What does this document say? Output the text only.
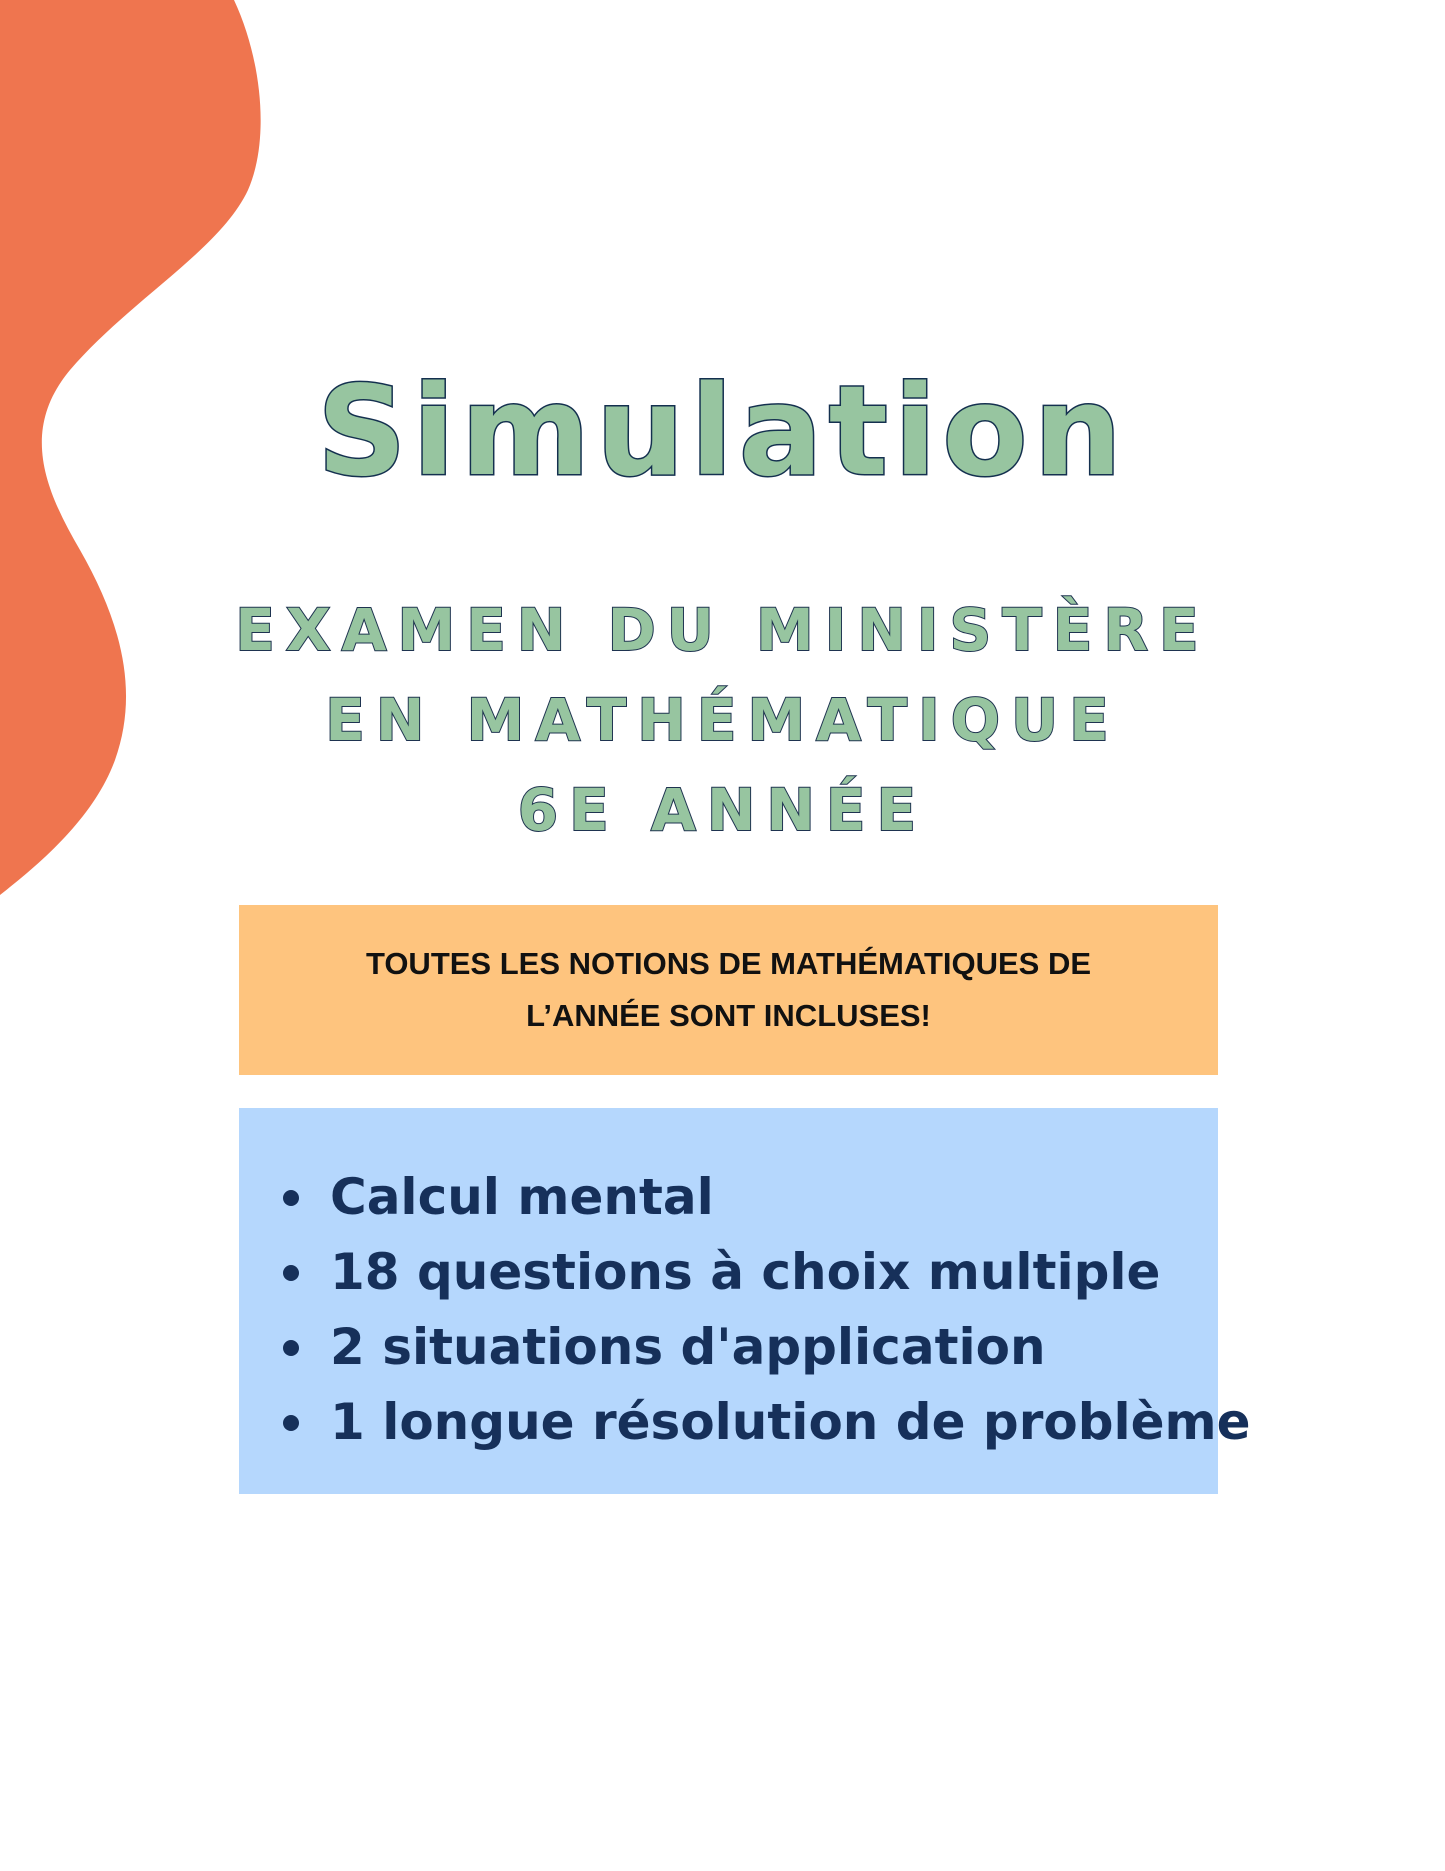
Simulation
EXAMEN DU MINISTÈRE
EN MATHÉMATIQUE
6E ANNÉE
TOUTES LES NOTIONS DE MATHÉMATIQUES DE
L’ANNÉE SONT INCLUSES!
Calcul mental
18 questions à choix multiple
2 situations d'application
1 longue résolution de problème
